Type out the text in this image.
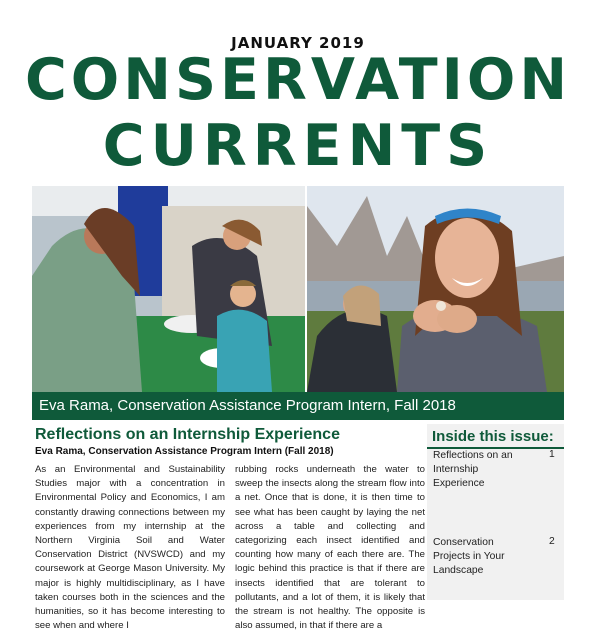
JANUARY 2019
CONSERVATION
CURRENTS
Eva Rama, Conservation Assistance Program Intern, Fall 2018
Reflections on an Internship Experience
Eva Rama, Conservation Assistance Program Intern (Fall 2018)
As an Environmental and Sustainability Studies major with a concentration in Environmental Policy and Economics, I am constantly drawing connections between my experiences from my internship at the Northern Virginia Soil and Water Conservation District (NVSWCD) and my coursework at George Mason University. My major is highly multidisciplinary, as I have taken courses both in the sciences and the humanities, so it has become interesting to see when and where I
rubbing rocks underneath the water to sweep the insects along the stream flow into a net. Once that is done, it is then time to see what has been caught by laying the net across a table and collecting and categorizing each insect identified and counting how many of each there are. The logic behind this practice is that if there are insects identified that are tolerant to pollutants, and a lot of them, it is likely that the stream is not healthy. The opposite is also assumed, in that if there are a
Inside this issue:
Reflections on an Internship Experience
1
Conservation Projects in Your Landscape
2
